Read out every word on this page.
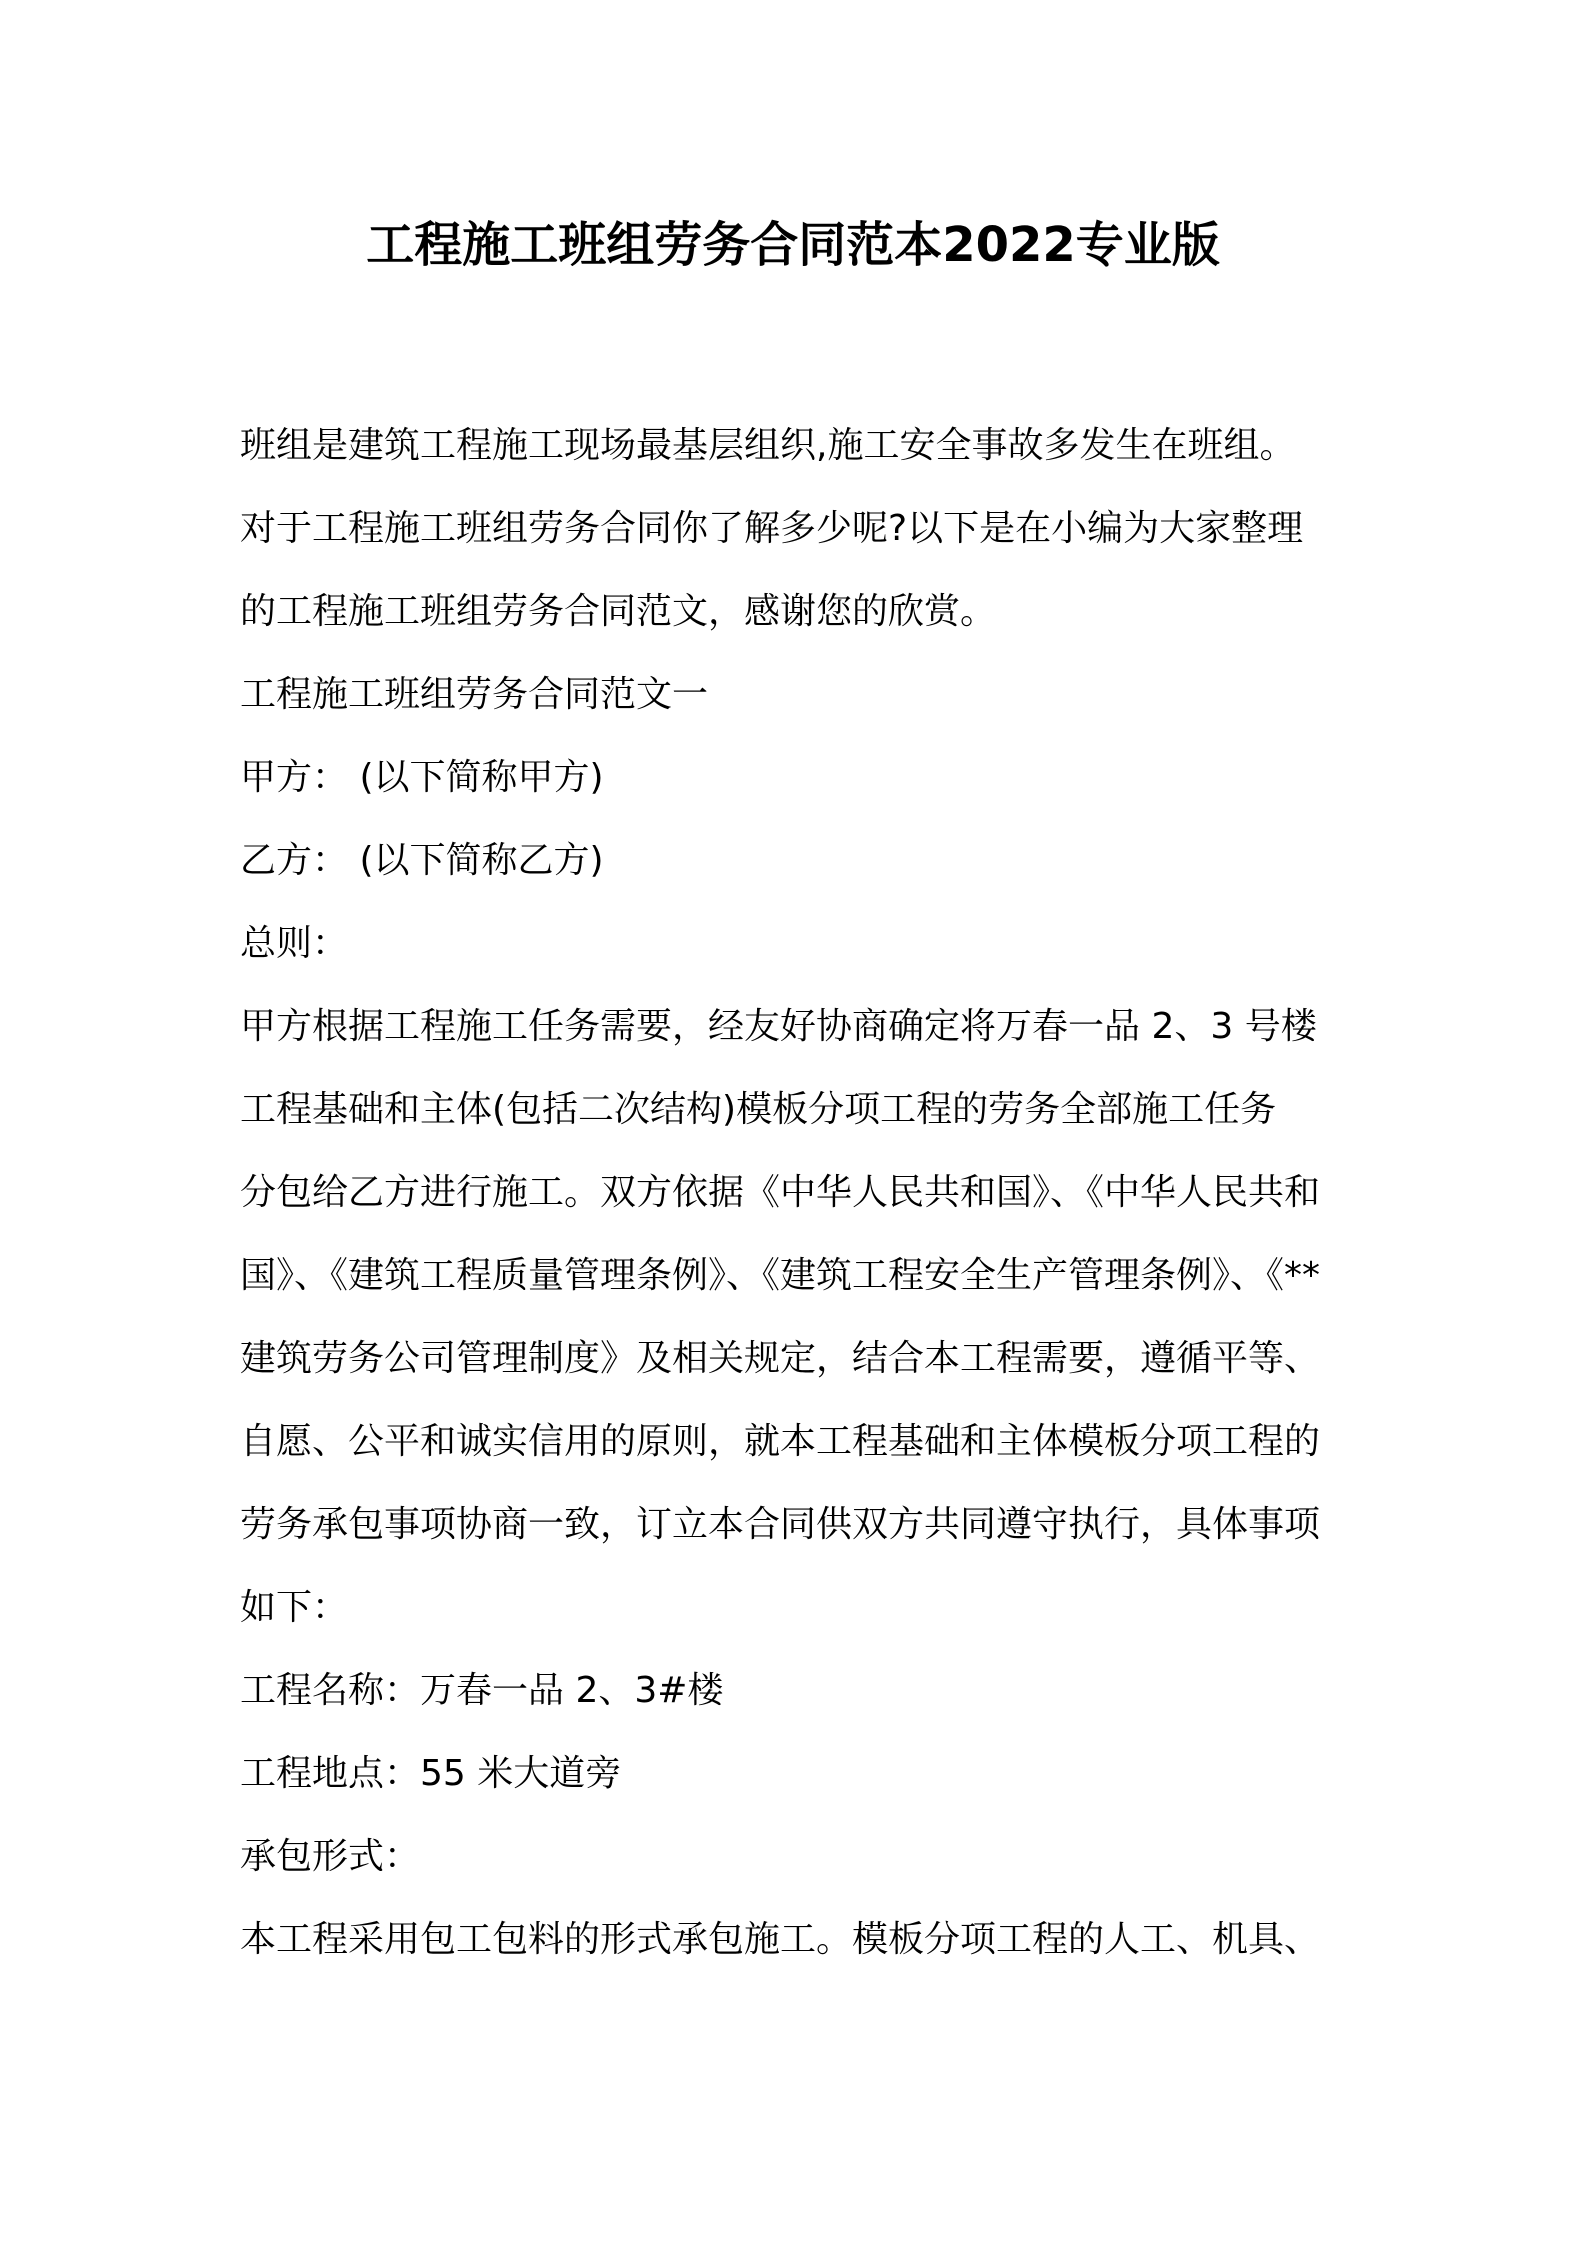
工程施工班组劳务合同范本2022专业版
班组是建筑工程施工现场最基层组织,施工安全事故多发生在班组。
对于工程施工班组劳务合同你了解多少呢?以下是在小编为大家整理
的工程施工班组劳务合同范文，感谢您的欣赏。
工程施工班组劳务合同范文一
甲方： (以下简称甲方)
乙方： (以下简称乙方)
总则：
甲方根据工程施工任务需要，经友好协商确定将万春一品 2、3 号楼
工程基础和主体(包括二次结构)模板分项工程的劳务全部施工任务
分包给乙方进行施工。双方依据《中华人民共和国》、《中华人民共和
国》、《建筑工程质量管理条例》、《建筑工程安全生产管理条例》、《**
建筑劳务公司管理制度》及相关规定，结合本工程需要，遵循平等、
自愿、公平和诚实信用的原则，就本工程基础和主体模板分项工程的
劳务承包事项协商一致，订立本合同供双方共同遵守执行，具体事项
如下：
工程名称：万春一品 2、3#楼
工程地点：55 米大道旁
承包形式：
本工程采用包工包料的形式承包施工。模板分项工程的人工、机具、
